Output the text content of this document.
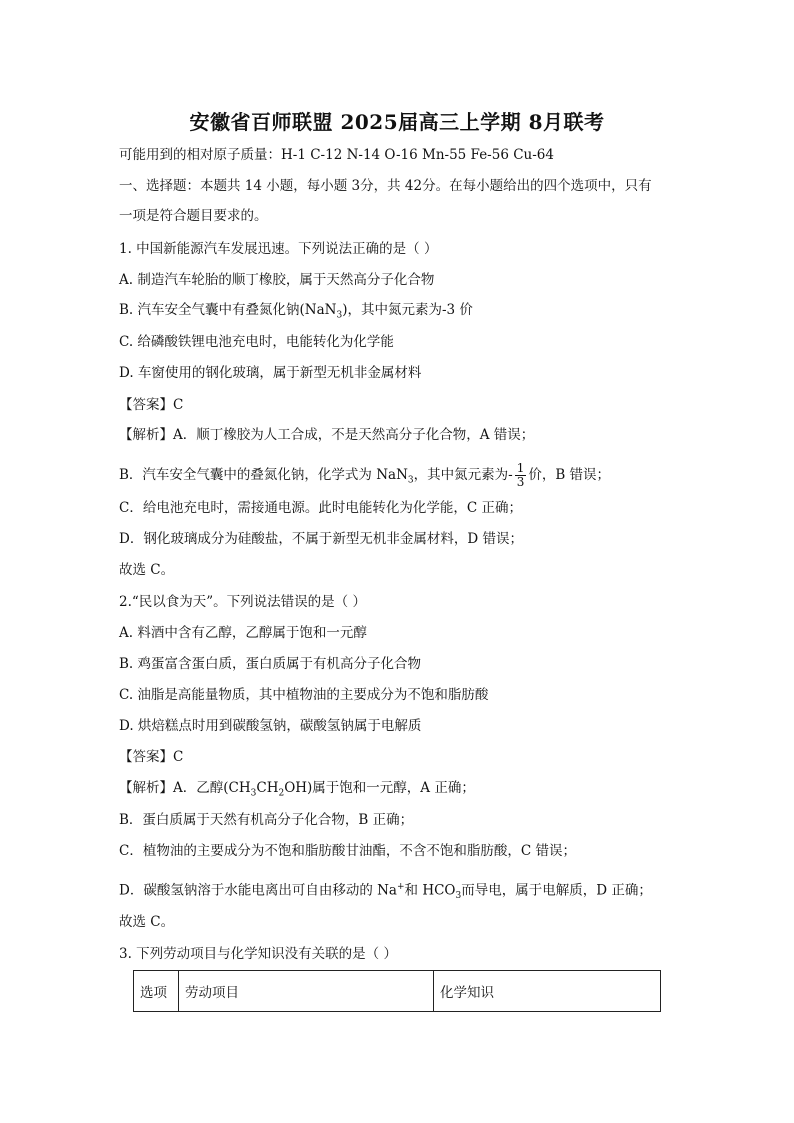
安徽省百师联盟 2025届高三上学期 8月联考
可能用到的相对原子质量：H-1 C-12 N-14 O-16 Mn-55 Fe-56 Cu-64
一、选择题：本题共 14 小题，每小题 3分，共 42分。在每小题给出的四个选项中，只有
一项是符合题目要求的。
1. 中国新能源汽车发展迅速。下列说法正确的是（ ）
A. 制造汽车轮胎的顺丁橡胶，属于天然高分子化合物
B. 汽车安全气囊中有叠氮化钠(NaN$_3$)，其中氮元素为-3 价
C. 给磷酸铁锂电池充电时，电能转化为化学能
D. 车窗使用的钢化玻璃，属于新型无机非金属材料
【答案】C
【解析】A．顺丁橡胶为人工合成，不是天然高分子化合物，A 错误；
B．汽车安全气囊中的叠氮化钠，化学式为 NaN$_3$，其中氮元素为- $\frac{1}{3}$ 价，B 错误；
C．给电池充电时，需接通电源。此时电能转化为化学能，C 正确；
D．钢化玻璃成分为硅酸盐，不属于新型无机非金属材料，D 错误；
故选 C。
2.“民以食为天”。下列说法错误的是（ ）
A. 料酒中含有乙醇，乙醇属于饱和一元醇
B. 鸡蛋富含蛋白质，蛋白质属于有机高分子化合物
C. 油脂是高能量物质，其中植物油的主要成分为不饱和脂肪酸
D. 烘焙糕点时用到碳酸氢钠，碳酸氢钠属于电解质
【答案】C
【解析】A．乙醇$(CH_3CH_2OH)$属于饱和一元醇，A 正确；
B．蛋白质属于天然有机高分子化合物，B 正确；
C．植物油的主要成分为不饱和脂肪酸甘油酯，不含不饱和脂肪酸，C 错误；
D．碳酸氢钠溶于水能电离出可自由移动的 Na+和 $HCO_3$而导电，属于电解质，D 正确；
故选 C。
3. 下列劳动项目与化学知识没有关联的是（ ）
选项	劳动项目	化学知识
